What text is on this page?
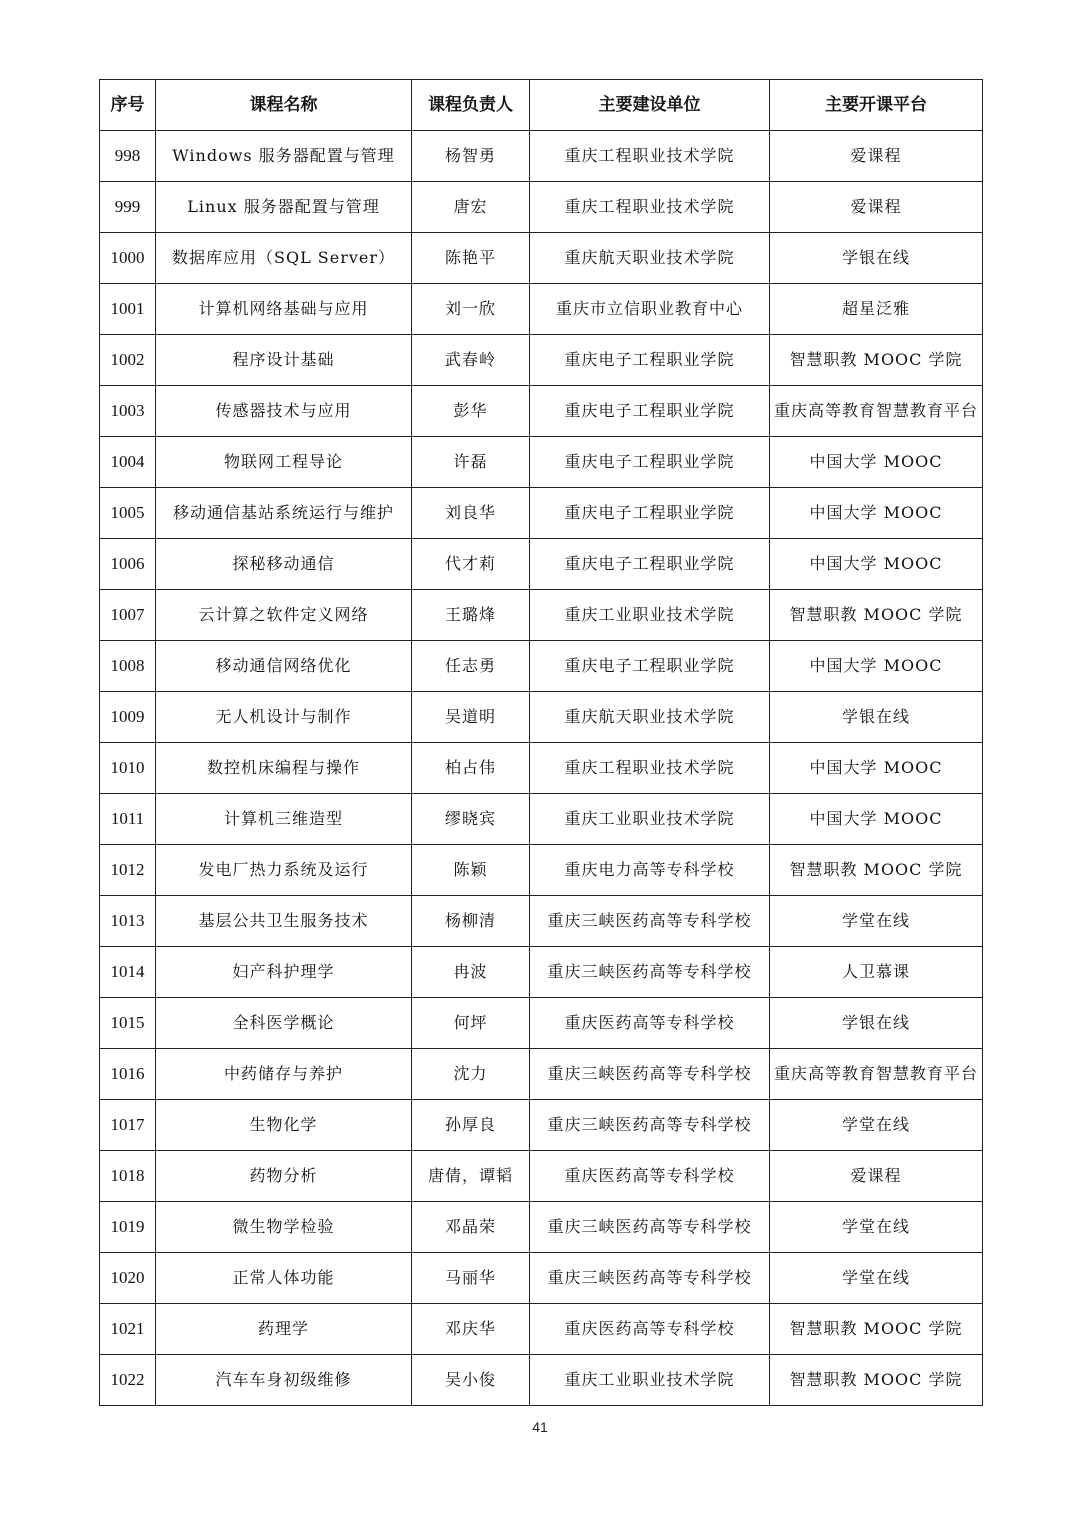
序号	课程名称	课程负责人	主要建设单位	主要开课平台
998	Windows 服务器配置与管理	杨智勇	重庆工程职业技术学院	爱课程
999	Linux 服务器配置与管理	唐宏	重庆工程职业技术学院	爱课程
1000	数据库应用（SQL Server）	陈艳平	重庆航天职业技术学院	学银在线
1001	计算机网络基础与应用	刘一欣	重庆市立信职业教育中心	超星泛雅
1002	程序设计基础	武春岭	重庆电子工程职业学院	智慧职教 MOOC 学院
1003	传感器技术与应用	彭华	重庆电子工程职业学院	重庆高等教育智慧教育平台
1004	物联网工程导论	许磊	重庆电子工程职业学院	中国大学 MOOC
1005	移动通信基站系统运行与维护	刘良华	重庆电子工程职业学院	中国大学 MOOC
1006	探秘移动通信	代才莉	重庆电子工程职业学院	中国大学 MOOC
1007	云计算之软件定义网络	王璐烽	重庆工业职业技术学院	智慧职教 MOOC 学院
1008	移动通信网络优化	任志勇	重庆电子工程职业学院	中国大学 MOOC
1009	无人机设计与制作	吴道明	重庆航天职业技术学院	学银在线
1010	数控机床编程与操作	柏占伟	重庆工程职业技术学院	中国大学 MOOC
1011	计算机三维造型	缪晓宾	重庆工业职业技术学院	中国大学 MOOC
1012	发电厂热力系统及运行	陈颖	重庆电力高等专科学校	智慧职教 MOOC 学院
1013	基层公共卫生服务技术	杨柳清	重庆三峡医药高等专科学校	学堂在线
1014	妇产科护理学	冉波	重庆三峡医药高等专科学校	人卫慕课
1015	全科医学概论	何坪	重庆医药高等专科学校	学银在线
1016	中药储存与养护	沈力	重庆三峡医药高等专科学校	重庆高等教育智慧教育平台
1017	生物化学	孙厚良	重庆三峡医药高等专科学校	学堂在线
1018	药物分析	唐倩，谭韬	重庆医药高等专科学校	爱课程
1019	微生物学检验	邓晶荣	重庆三峡医药高等专科学校	学堂在线
1020	正常人体功能	马丽华	重庆三峡医药高等专科学校	学堂在线
1021	药理学	邓庆华	重庆医药高等专科学校	智慧职教 MOOC 学院
1022	汽车车身初级维修	吴小俊	重庆工业职业技术学院	智慧职教 MOOC 学院
41
